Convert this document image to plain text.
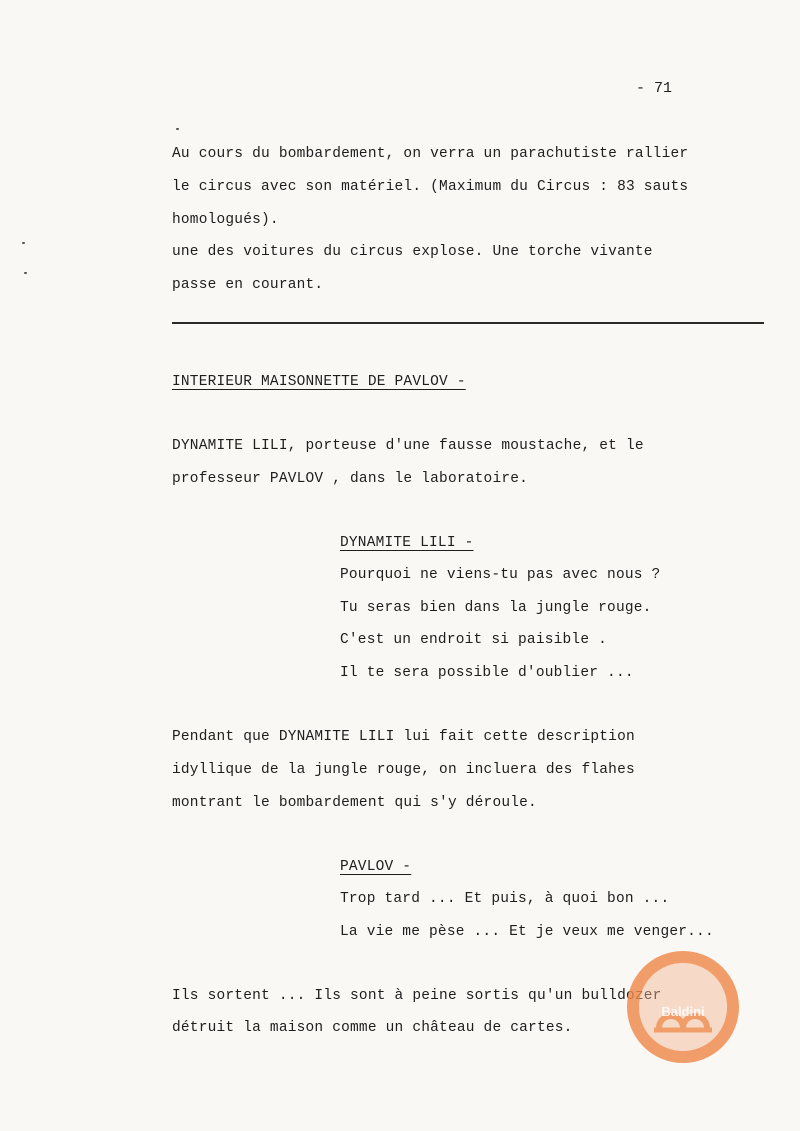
- 71
Au cours du bombardement, on verra un parachutiste rallier
le circus avec son matériel. (Maximum du Circus : 83 sauts
homologués).
une des voitures du circus explose. Une torche vivante
passe en courant.
INTERIEUR MAISONNETTE DE PAVLOV -
DYNAMITE LILI, porteuse d'une fausse moustache, et le
professeur PAVLOV , dans le laboratoire.
DYNAMITE LILI -
Pourquoi ne viens-tu pas avec nous ?
Tu seras bien dans la jungle rouge.
C'est un endroit si paisible .
Il te sera possible d'oublier ...
Pendant que DYNAMITE LILI lui fait cette description
idyllique de la jungle rouge, on incluera des flahes
montrant le bombardement qui s'y déroule.
PAVLOV -
Trop tard ... Et puis, à quoi bon ...
La vie me pèse ... Et je veux me venger...
Ils sortent ... Ils sont à peine sortis qu'un bulldozer
détruit la maison comme un château de cartes.
Baldini
